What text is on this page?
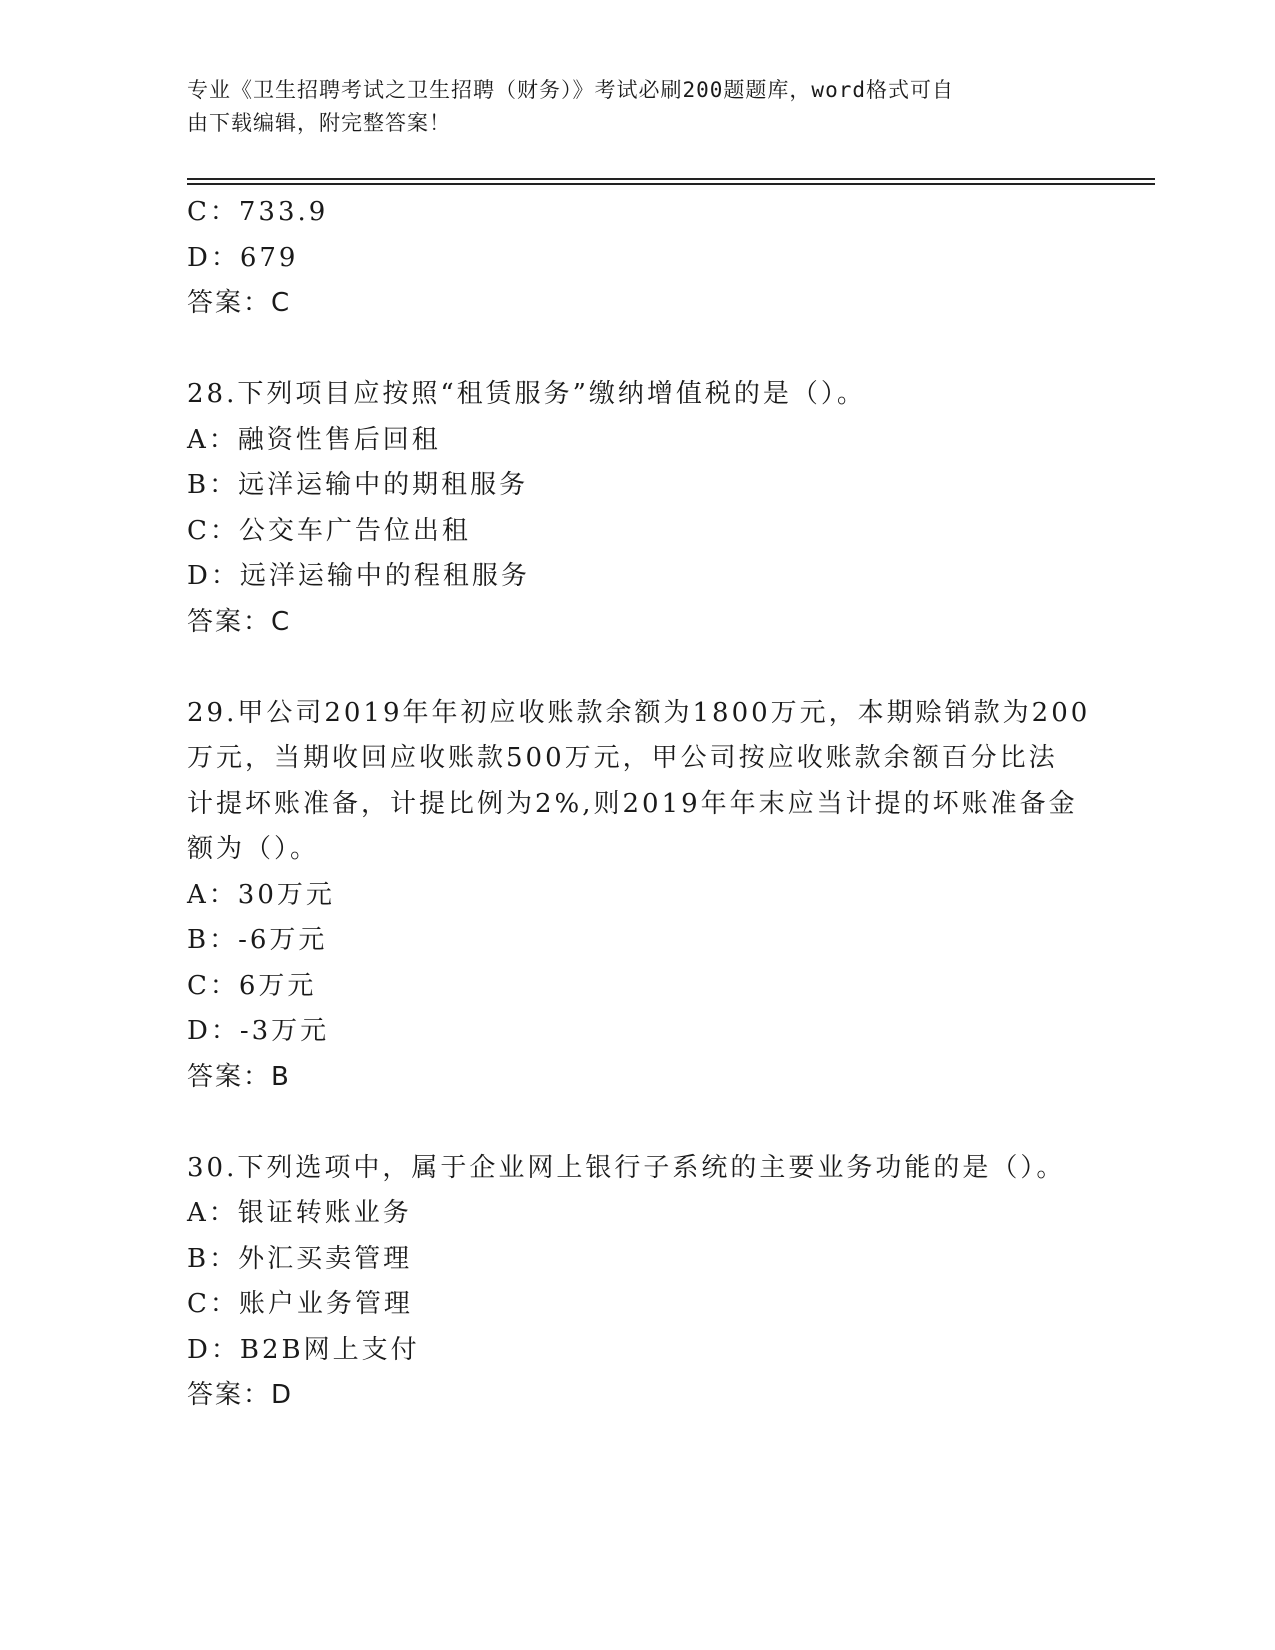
专业《卫生招聘考试之卫生招聘（财务）》考试必刷200题题库，word格式可自
由下载编辑，附完整答案！
C：733.9
D：679
答案：C
28.下列项目应按照“租赁服务”缴纳增值税的是（）。
A：融资性售后回租
B：远洋运输中的期租服务
C：公交车广告位出租
D：远洋运输中的程租服务
答案：C
29.甲公司2019年年初应收账款余额为1800万元，本期赊销款为200
万元，当期收回应收账款500万元，甲公司按应收账款余额百分比法
计提坏账准备，计提比例为2%,则2019年年末应当计提的坏账准备金
额为（）。
A：30万元
B：-6万元
C：6万元
D：-3万元
答案：B
30.下列选项中，属于企业网上银行子系统的主要业务功能的是（）。
A：银证转账业务
B：外汇买卖管理
C：账户业务管理
D：B2B网上支付
答案：D
